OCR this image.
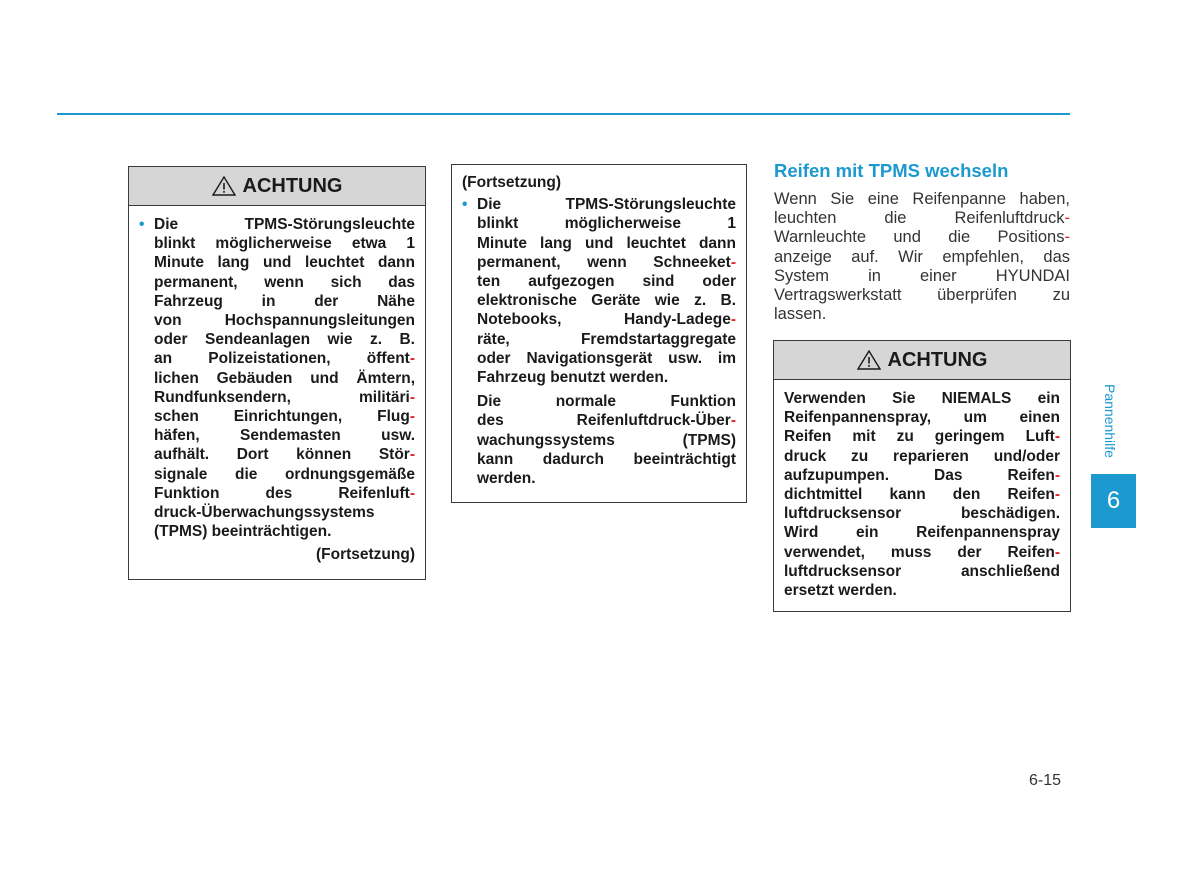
ACHTUNG
• Die TPMS-Störungsleuchte
blinkt möglicherweise etwa 1
Minute lang und leuchtet dann
permanent, wenn sich das
Fahrzeug in der Nähe
von Hochspannungsleitungen
oder Sendeanlagen wie z. B.
an Polizeistationen, öffent-
lichen Gebäuden und Ämtern,
Rundfunksendern, militäri-
schen Einrichtungen, Flug-
häfen, Sendemasten usw.
aufhält. Dort können Stör-
signale die ordnungsgemäße
Funktion des Reifenluft-
druck-Überwachungssystems
(TPMS) beeinträchtigen.
(Fortsetzung)
(Fortsetzung)
• Die TPMS-Störungsleuchte
blinkt möglicherweise 1
Minute lang und leuchtet dann
permanent, wenn Schneeket-
ten aufgezogen sind oder
elektronische Geräte wie z. B.
Notebooks, Handy-Ladege-
räte, Fremdstartaggregate
oder Navigationsgerät usw. im
Fahrzeug benutzt werden.
Die normale Funktion
des Reifenluftdruck-Über-
wachungssystems (TPMS)
kann dadurch beeinträchtigt
werden.
Reifen mit TPMS wechseln
Wenn Sie eine Reifenpanne haben,
leuchten die Reifenluftdruck-
Warnleuchte und die Positions-
anzeige auf. Wir empfehlen, das
System in einer HYUNDAI
Vertragswerkstatt überprüfen zu
lassen.
ACHTUNG
Verwenden Sie NIEMALS ein
Reifenpannenspray, um einen
Reifen mit zu geringem Luft-
druck zu reparieren und/oder
aufzupumpen. Das Reifen-
dichtmittel kann den Reifen-
luftdrucksensor beschädigen.
Wird ein Reifenpannenspray
verwendet, muss der Reifen-
luftdrucksensor anschließend
ersetzt werden.
Pannenhilfe
6
6-15
